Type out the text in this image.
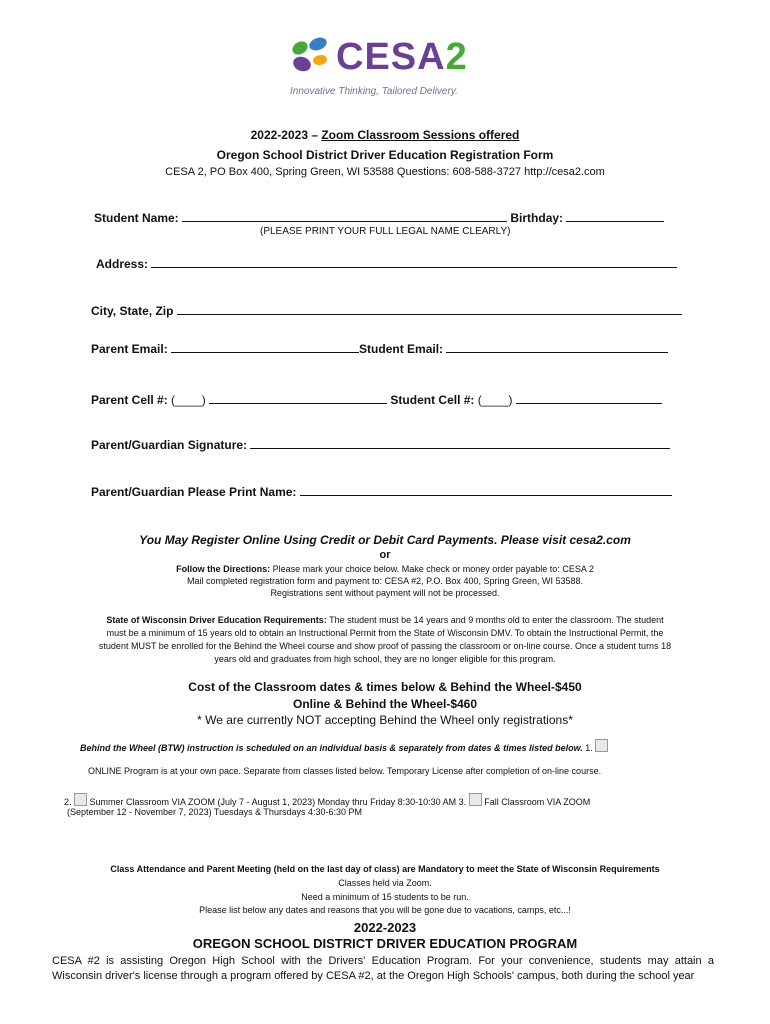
CESA2
Innovative Thinking, Tailored Delivery.
2022-2023 – Zoom Classroom Sessions offered
Oregon School District Driver Education Registration Form
CESA 2, PO Box 400, Spring Green, WI 53588 Questions: 608-588-3727 http://cesa2.com
Student Name:	Birthday:
(PLEASE PRINT YOUR FULL LEGAL NAME CLEARLY)
Address:
City, State, Zip
Parent Email:	Student Email:
Parent Cell #: (____)	Student Cell #: (____)
Parent/Guardian Signature:
Parent/Guardian Please Print Name:
You May Register Online Using Credit or Debit Card Payments. Please visit cesa2.com
or
Follow the Directions: Please mark your choice below. Make check or money order payable to: CESA 2
Mail completed registration form and payment to: CESA #2, P.O. Box 400, Spring Green, WI 53588.
Registrations sent without payment will not be processed.
State of Wisconsin Driver Education Requirements: The student must be 14 years and 9 months old to enter the classroom. The student
must be a minimum of 15 years old to obtain an Instructional Permit from the State of Wisconsin DMV. To obtain the Instructional Permit, the
student MUST be enrolled for the Behind the Wheel course and show proof of passing the classroom or on-line course. Once a student turns 18
years old and graduates from high school, they are no longer eligible for this program.
Cost of the Classroom dates & times below & Behind the Wheel-$450
Online & Behind the Wheel-$460
* We are currently NOT accepting Behind the Wheel only registrations*
Behind the Wheel (BTW) instruction is scheduled on an individual basis & separately from dates & times listed below. 1.
ONLINE Program is at your own pace. Separate from classes listed below. Temporary License after completion of on-line course.
2.  Summer Classroom VIA ZOOM (July 7 - August 1, 2023) Monday thru Friday 8:30-10:30 AM 3.  Fall Classroom VIA ZOOM
(September 12 - November 7, 2023) Tuesdays & Thursdays 4:30-6:30 PM
Class Attendance and Parent Meeting (held on the last day of class) are Mandatory to meet the State of Wisconsin Requirements
Classes held via Zoom.
Need a minimum of 15 students to be run.
Please list below any dates and reasons that you will be gone due to vacations, camps, etc...!
2022-2023
OREGON SCHOOL DISTRICT DRIVER EDUCATION PROGRAM
CESA #2 is assisting Oregon High School with the Drivers' Education Program. For your convenience, students may attain a
Wisconsin driver's license through a program offered by CESA #2, at the Oregon High Schools' campus, both during the school year
